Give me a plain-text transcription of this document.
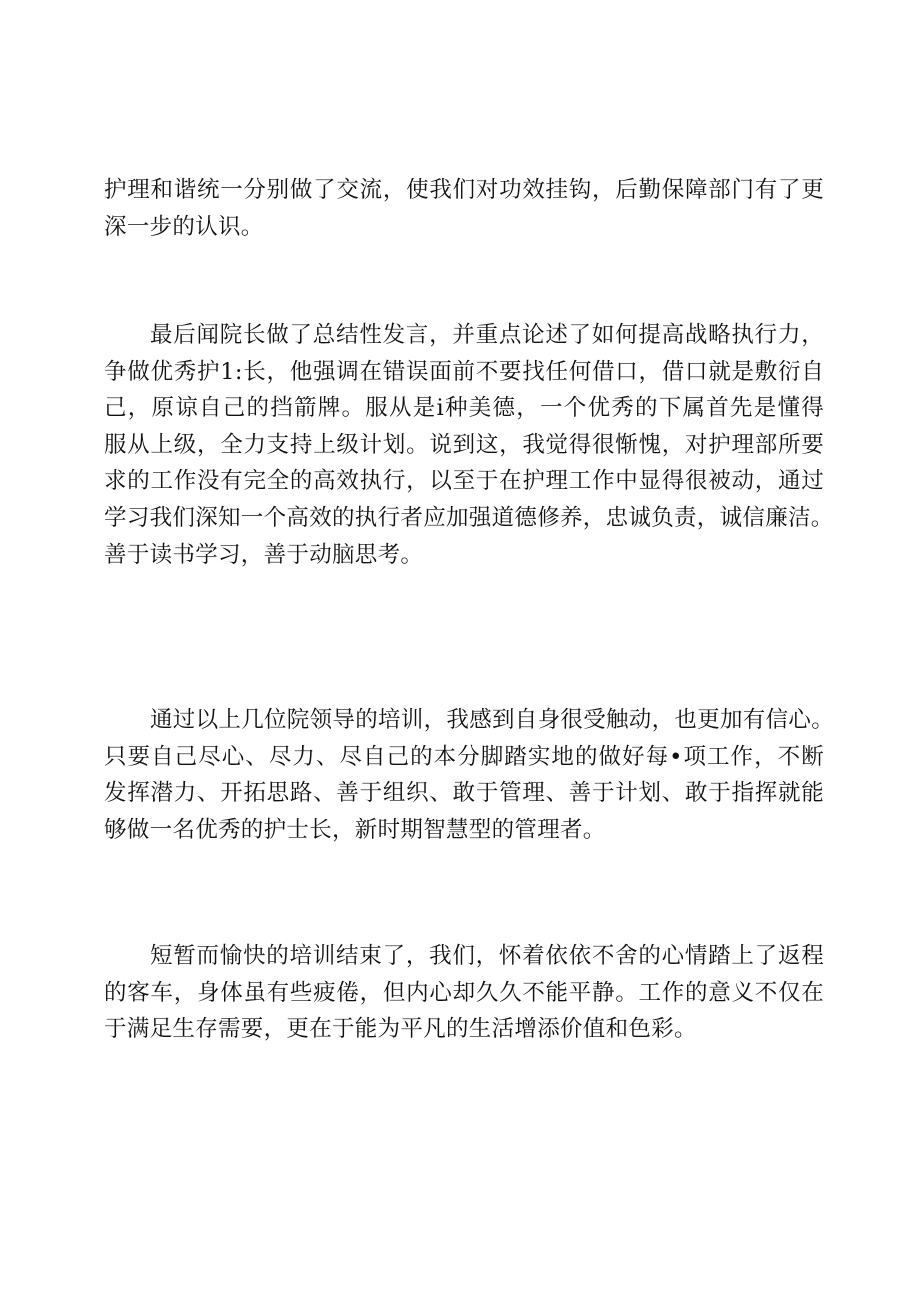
护理和谐统一分别做了交流，使我们对功效挂钩，后勤保障部门有了更
深一步的认识。

最后闻院长做了总结性发言，并重点论述了如何提高战略执行力，
争做优秀护1:长，他强调在错误面前不要找任何借口，借口就是敷衍自
己，原谅自己的挡箭牌。服从是i种美德，一个优秀的下属首先是懂得
服从上级，全力支持上级计划。说到这，我觉得很惭愧，对护理部所要
求的工作没有完全的高效执行，以至于在护理工作中显得很被动，通过
学习我们深知一个高效的执行者应加强道德修养，忠诚负责，诚信廉洁。
善于读书学习，善于动脑思考。

通过以上几位院领导的培训，我感到自身很受触动，也更加有信心。
只要自己尽心、尽力、尽自己的本分脚踏实地的做好每•项工作，不断
发挥潜力、开拓思路、善于组织、敢于管理、善于计划、敢于指挥就能
够做一名优秀的护士长，新时期智慧型的管理者。

短暂而愉快的培训结束了，我们，怀着依依不舍的心情踏上了返程
的客车，身体虽有些疲倦，但内心却久久不能平静。工作的意义不仅在
于满足生存需要，更在于能为平凡的生活增添价值和色彩。
